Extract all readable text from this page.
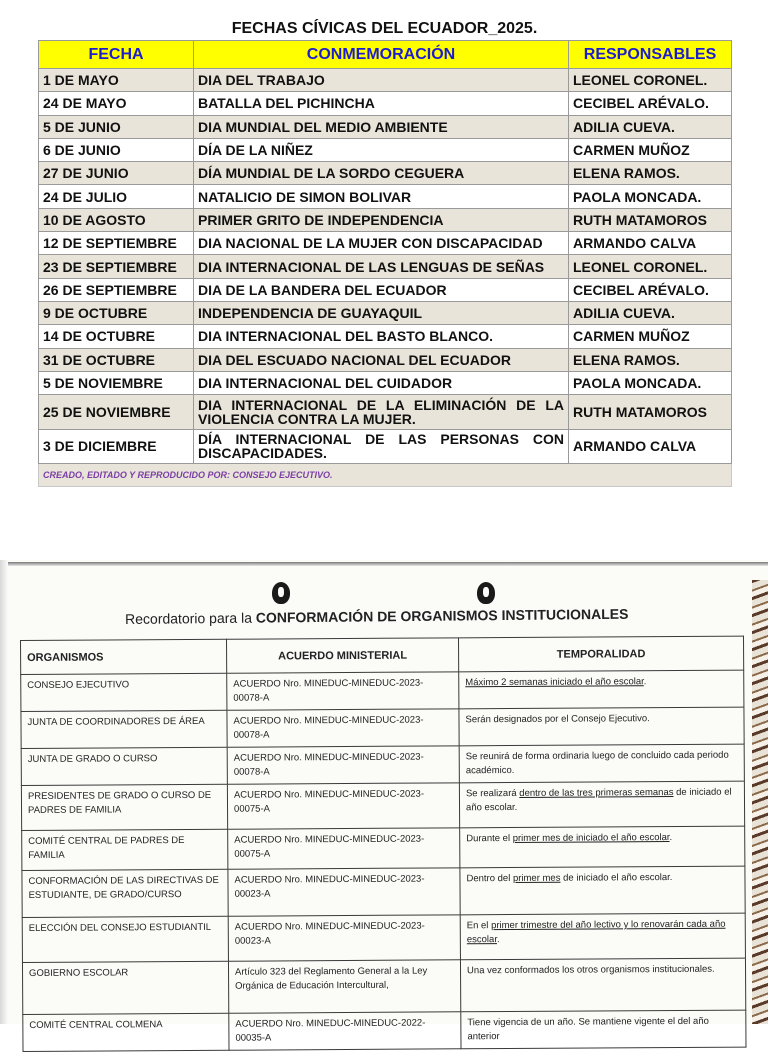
FECHAS CÍVICAS DEL ECUADOR_2025.
FECHA	CONMEMORACIÓN	RESPONSABLES
1 DE MAYO	DIA DEL TRABAJO	LEONEL CORONEL.
24 DE MAYO	BATALLA DEL PICHINCHA	CECIBEL ARÉVALO.
5 DE JUNIO	DIA MUNDIAL DEL MEDIO AMBIENTE	ADILIA CUEVA.
6 DE JUNIO	DÍA DE LA NIÑEZ	CARMEN MUÑOZ
27 DE JUNIO	DÍA MUNDIAL DE LA SORDO CEGUERA	ELENA RAMOS.
24 DE JULIO	NATALICIO DE SIMON BOLIVAR	PAOLA MONCADA.
10 DE AGOSTO	PRIMER GRITO DE INDEPENDENCIA	RUTH MATAMOROS
12 DE SEPTIEMBRE	DIA NACIONAL DE LA MUJER CON DISCAPACIDAD	ARMANDO CALVA
23 DE SEPTIEMBRE	DIA INTERNACIONAL DE LAS LENGUAS DE SEÑAS	LEONEL CORONEL.
26 DE SEPTIEMBRE	DIA DE LA BANDERA DEL ECUADOR	CECIBEL ARÉVALO.
9 DE OCTUBRE	INDEPENDENCIA DE GUAYAQUIL	ADILIA CUEVA.
14 DE OCTUBRE	DIA INTERNACIONAL DEL BASTO BLANCO.	CARMEN MUÑOZ
31 DE OCTUBRE	DIA DEL ESCUADO NACIONAL DEL ECUADOR	ELENA RAMOS.
5 DE NOVIEMBRE	DIA INTERNACIONAL DEL CUIDADOR	PAOLA MONCADA.
25 DE NOVIEMBRE	DIA INTERNACIONAL DE LA ELIMINACIÓN DE LA VIOLENCIA CONTRA LA MUJER.	RUTH MATAMOROS
3 DE DICIEMBRE	DÍA INTERNACIONAL DE LAS PERSONAS CON DISCAPACIDADES.	ARMANDO CALVA
CREADO, EDITADO Y REPRODUCIDO POR: CONSEJO EJECUTIVO.		
Recordatorio para la CONFORMACIÓN DE ORGANISMOS INSTITUCIONALES
ORGANISMOS	ACUERDO MINISTERIAL	TEMPORALIDAD
CONSEJO EJECUTIVO	ACUERDO Nro. MINEDUC-MINEDUC-2023-00078-A	Máximo 2 semanas iniciado el año escolar.
JUNTA DE COORDINADORES DE ÁREA	ACUERDO Nro. MINEDUC-MINEDUC-2023-00078-A	Serán designados por el Consejo Ejecutivo.
JUNTA DE GRADO O CURSO	ACUERDO Nro. MINEDUC-MINEDUC-2023-00078-A	Se reunirá de forma ordinaria luego de concluido cada periodo académico.
PRESIDENTES DE GRADO O CURSO DE PADRES DE FAMILIA	ACUERDO Nro. MINEDUC-MINEDUC-2023-00075-A	Se realizará dentro de las tres primeras semanas de iniciado el año escolar.
COMITÉ CENTRAL DE PADRES DE FAMILIA	ACUERDO Nro. MINEDUC-MINEDUC-2023-00075-A	Durante el primer mes de iniciado el año escolar.
CONFORMACIÓN DE LAS DIRECTIVAS DE ESTUDIANTE, DE GRADO/CURSO	ACUERDO Nro. MINEDUC-MINEDUC-2023-00023-A	Dentro del primer mes de iniciado el año escolar.
ELECCIÓN DEL CONSEJO ESTUDIANTIL	ACUERDO Nro. MINEDUC-MINEDUC-2023-00023-A	En el primer trimestre del año lectivo y lo renovarán cada año escolar.
GOBIERNO ESCOLAR	Artículo 323 del Reglamento General a la Ley Orgánica de Educación Intercultural,	Una vez conformados los otros organismos institucionales.
COMITÉ CENTRAL COLMENA	ACUERDO Nro. MINEDUC-MINEDUC-2022-00035-A	Tiene vigencia de un año. Se mantiene vigente el del año anterior
